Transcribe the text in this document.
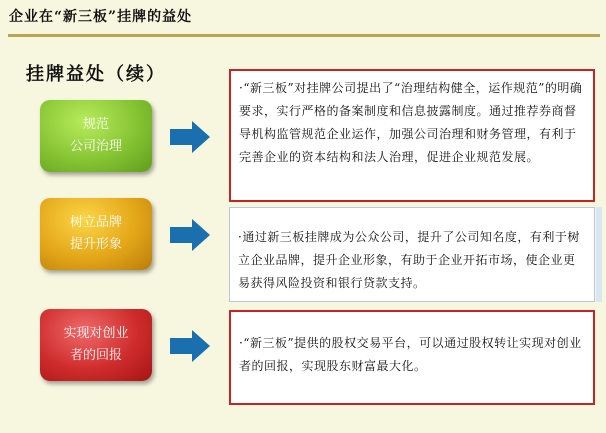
企业在“新三板”挂牌的益处
挂牌益处（续）
规范
公司治理
树立品牌
提升形象
实现对创业
者的回报
·“新三板”对挂牌公司提出了“治理结构健全，运作规范”的明确要求，实行严格的备案制度和信息披露制度。通过推荐券商督导机构监管规范企业运作，加强公司治理和财务管理，有利于完善企业的资本结构和法人治理，促进企业规范发展。
·通过新三板挂牌成为公众公司，提升了公司知名度，有利于树立企业品牌，提升企业形象，有助于企业开拓市场，使企业更易获得风险投资和银行贷款支持。
·“新三板”提供的股权交易平台，可以通过股权转让实现对创业者的回报，实现股东财富最大化。
